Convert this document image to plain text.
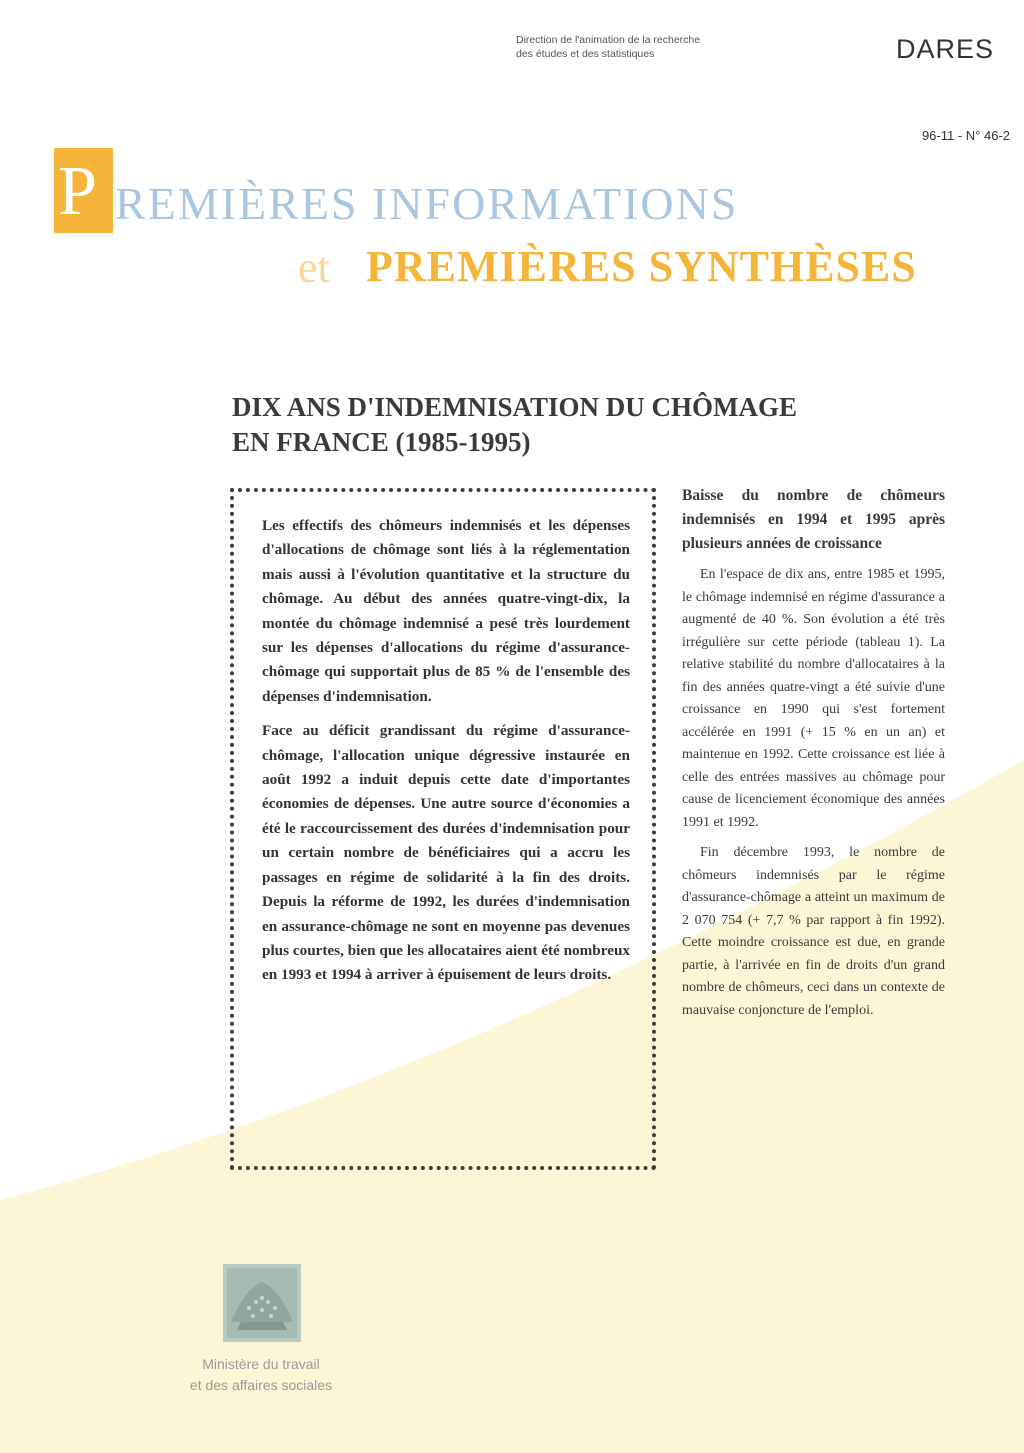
Direction de l'animation de la recherche
des études et des statistiques	DARES
96-11 - N° 46-2
P REMIÈRES INFORMATIONS
et PREMIÈRES SYNTHÈSES
DIX ANS D'INDEMNISATION DU CHÔMAGE
EN FRANCE (1985-1995)

Les effectifs des chômeurs indemnisés et les dépenses d'allocations de chômage sont liés à la réglementation mais aussi à l'évolution quantitative et la structure du chômage. Au début des années quatre-vingt-dix, la montée du chômage indemnisé a pesé très lourdement sur les dépenses d'allocations du régime d'assurance-chômage qui supportait plus de 85 % de l'ensemble des dépenses d'indemnisation.

Face au déficit grandissant du régime d'assurance-chômage, l'allocation unique dégressive instaurée en août 1992 a induit depuis cette date d'importantes économies de dépenses. Une autre source d'économies a été le raccourcissement des durées d'indemnisation pour un certain nombre de bénéficiaires qui a accru les passages en régime de solidarité à la fin des droits. Depuis la réforme de 1992, les durées d'indemnisation en assurance-chômage ne sont en moyenne pas devenues plus courtes, bien que les allocataires aient été nombreux en 1993 et 1994 à arriver à épuisement de leurs droits.

Baisse du nombre de chômeurs indemnisés en 1994 et 1995 après plusieurs années de croissance

En l'espace de dix ans, entre 1985 et 1995, le chômage indemnisé en régime d'assurance a augmenté de 40 %. Son évolution a été très irrégulière sur cette période (tableau 1). La relative stabilité du nombre d'allocataires à la fin des années quatre-vingt a été suivie d'une croissance en 1990 qui s'est fortement accélérée en 1991 (+ 15 % en un an) et maintenue en 1992. Cette croissance est liée à celle des entrées massives au chômage pour cause de licenciement économique des années 1991 et 1992.

Fin décembre 1993, le nombre de chômeurs indemnisés par le régime d'assurance-chômage a atteint un maximum de 2 070 754 (+ 7,7 % par rapport à fin 1992). Cette moindre croissance est due, en grande partie, à l'arrivée en fin de droits d'un grand nombre de chômeurs, ceci dans un contexte de mauvaise conjoncture de l'emploi.

Ministère du travail
et des affaires sociales
